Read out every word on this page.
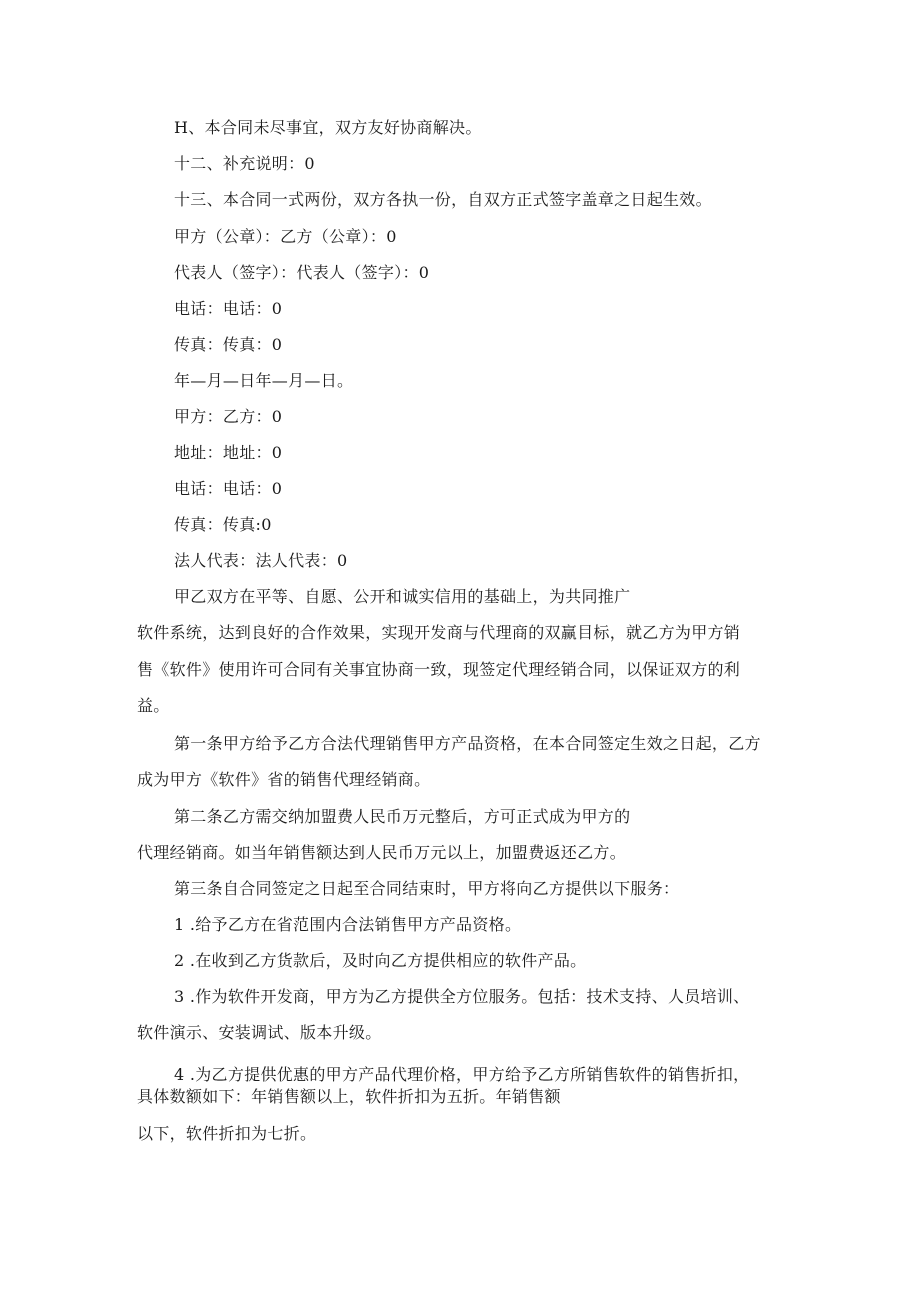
H、本合同未尽事宜，双方友好协商解决。
十二、补充说明：0
十三、本合同一式两份，双方各执一份，自双方正式签字盖章之日起生效。
甲方（公章）：乙方（公章）：0
代表人（签字）：代表人（签字）：0
电话：电话：0
传真：传真：0
年—月—日年—月—日。
甲方：乙方：0
地址：地址：0
电话：电话：0
传真：传真:0
法人代表：法人代表：0
甲乙双方在平等、自愿、公开和诚实信用的基础上，为共同推广
软件系统，达到良好的合作效果，实现开发商与代理商的双赢目标，就乙方为甲方销
售《软件》使用许可合同有关事宜协商一致，现签定代理经销合同，以保证双方的利
益。
第一条甲方给予乙方合法代理销售甲方产品资格，在本合同签定生效之日起，乙方
成为甲方《软件》省的销售代理经销商。
第二条乙方需交纳加盟费人民币万元整后，方可正式成为甲方的
代理经销商。如当年销售额达到人民币万元以上，加盟费返还乙方。
第三条自合同签定之日起至合同结束时，甲方将向乙方提供以下服务：
1 .给予乙方在省范围内合法销售甲方产品资格。
2 .在收到乙方货款后，及时向乙方提供相应的软件产品。
3 .作为软件开发商，甲方为乙方提供全方位服务。包括：技术支持、人员培训、
软件演示、安装调试、版本升级。
4 .为乙方提供优惠的甲方产品代理价格，甲方给予乙方所销售软件的销售折扣，
具体数额如下：年销售额以上，软件折扣为五折。年销售额
以下，软件折扣为七折。
